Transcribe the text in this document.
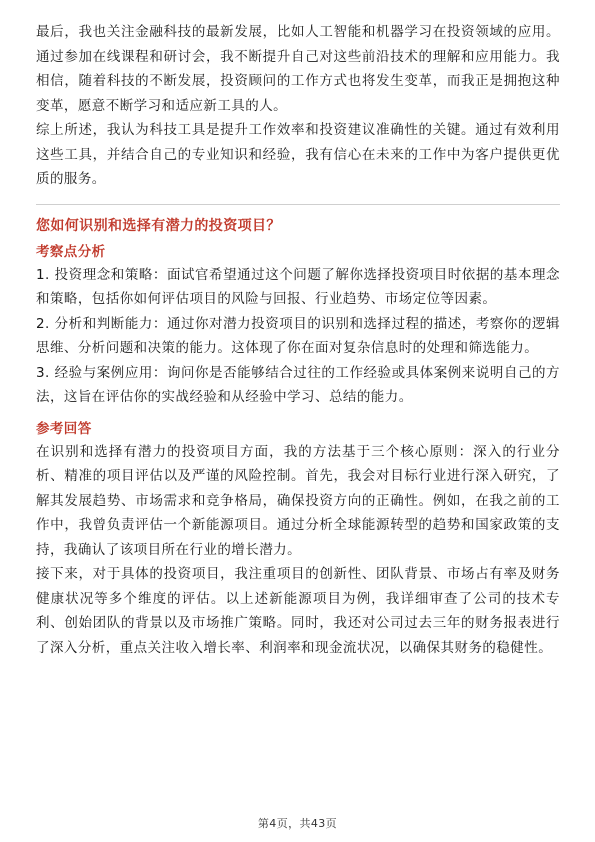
最后，我也关注金融科技的最新发展，比如人工智能和机器学习在投资领域的应用。通过参加在线课程和研讨会，我不断提升自己对这些前沿技术的理解和应用能力。我相信，随着科技的不断发展，投资顾问的工作方式也将发生变革，而我正是拥抱这种变革，愿意不断学习和适应新工具的人。

综上所述，我认为科技工具是提升工作效率和投资建议准确性的关键。通过有效利用这些工具，并结合自己的专业知识和经验，我有信心在未来的工作中为客户提供更优质的服务。

您如何识别和选择有潜力的投资项目？
考察点分析

1. 投资理念和策略：面试官希望通过这个问题了解你选择投资项目时依据的基本理念和策略，包括你如何评估项目的风险与回报、行业趋势、市场定位等因素。

2. 分析和判断能力：通过你对潜力投资项目的识别和选择过程的描述，考察你的逻辑思维、分析问题和决策的能力。这体现了你在面对复杂信息时的处理和筛选能力。

3. 经验与案例应用：询问你是否能够结合过往的工作经验或具体案例来说明自己的方法，这旨在评估你的实战经验和从经验中学习、总结的能力。

参考回答

在识别和选择有潜力的投资项目方面，我的方法基于三个核心原则：深入的行业分析、精准的项目评估以及严谨的风险控制。首先，我会对目标行业进行深入研究，了解其发展趋势、市场需求和竞争格局，确保投资方向的正确性。例如，在我之前的工作中，我曾负责评估一个新能源项目。通过分析全球能源转型的趋势和国家政策的支持，我确认了该项目所在行业的增长潜力。

接下来，对于具体的投资项目，我注重项目的创新性、团队背景、市场占有率及财务健康状况等多个维度的评估。以上述新能源项目为例，我详细审查了公司的技术专利、创始团队的背景以及市场推广策略。同时，我还对公司过去三年的财务报表进行了深入分析，重点关注收入增长率、利润率和现金流状况，以确保其财务的稳健性。

第4页，共43页
